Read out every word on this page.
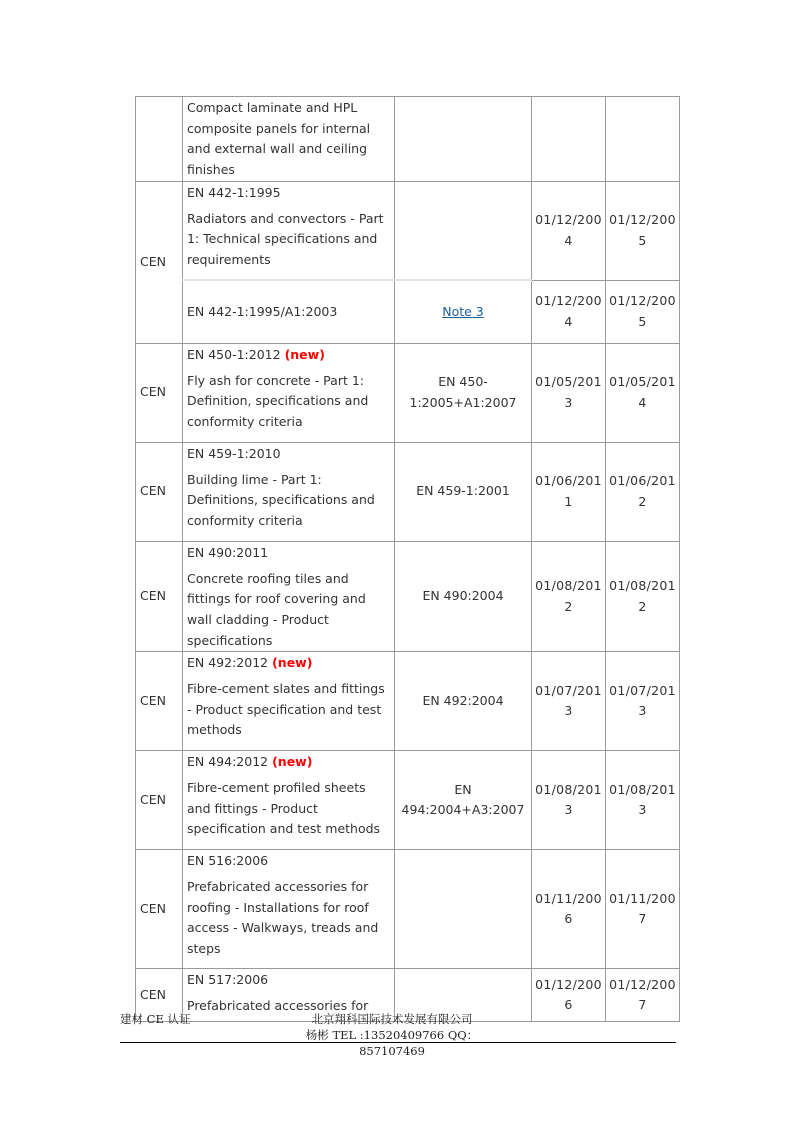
	Compact laminate and HPL composite panels for internal and external wall and ceiling finishes			

CEN	EN 442-1:1995
Radiators and convectors - Part 1: Technical specifications and requirements		01/12/2004	01/12/2005

	EN 442-1:1995/A1:2003	Note 3	01/12/2004	01/12/2005
CEN	EN 450-1:2012 (new)
Fly ash for concrete - Part 1: Definition, specifications and conformity criteria	EN 450-1:2005+A1:2007	01/05/2013	01/05/2014
CEN	EN 459-1:2010
Building lime - Part 1: Definitions, specifications and conformity criteria	EN 459-1:2001	01/06/2011	01/06/2012
CEN	EN 490:2011
Concrete roofing tiles and fittings for roof covering and wall cladding - Product specifications	EN 490:2004	01/08/2012	01/08/2012
CEN	EN 492:2012 (new)
Fibre-cement slates and fittings - Product specification and test methods	EN 492:2004	01/07/2013	01/07/2013
CEN	EN 494:2012 (new)
Fibre-cement profiled sheets and fittings - Product specification and test methods	EN 494:2004+A3:2007	01/08/2013	01/08/2013
CEN	EN 516:2006
Prefabricated accessories for roofing - Installations for roof access - Walkways, treads and steps		01/11/2006	01/11/2007
CEN	EN 517:2006
Prefabricated accessories for		01/12/2006	01/12/2007
建材 CE 认证	北京翔科国际技术发展有限公司
杨彬 TEL :13520409766 QQ：857107469
